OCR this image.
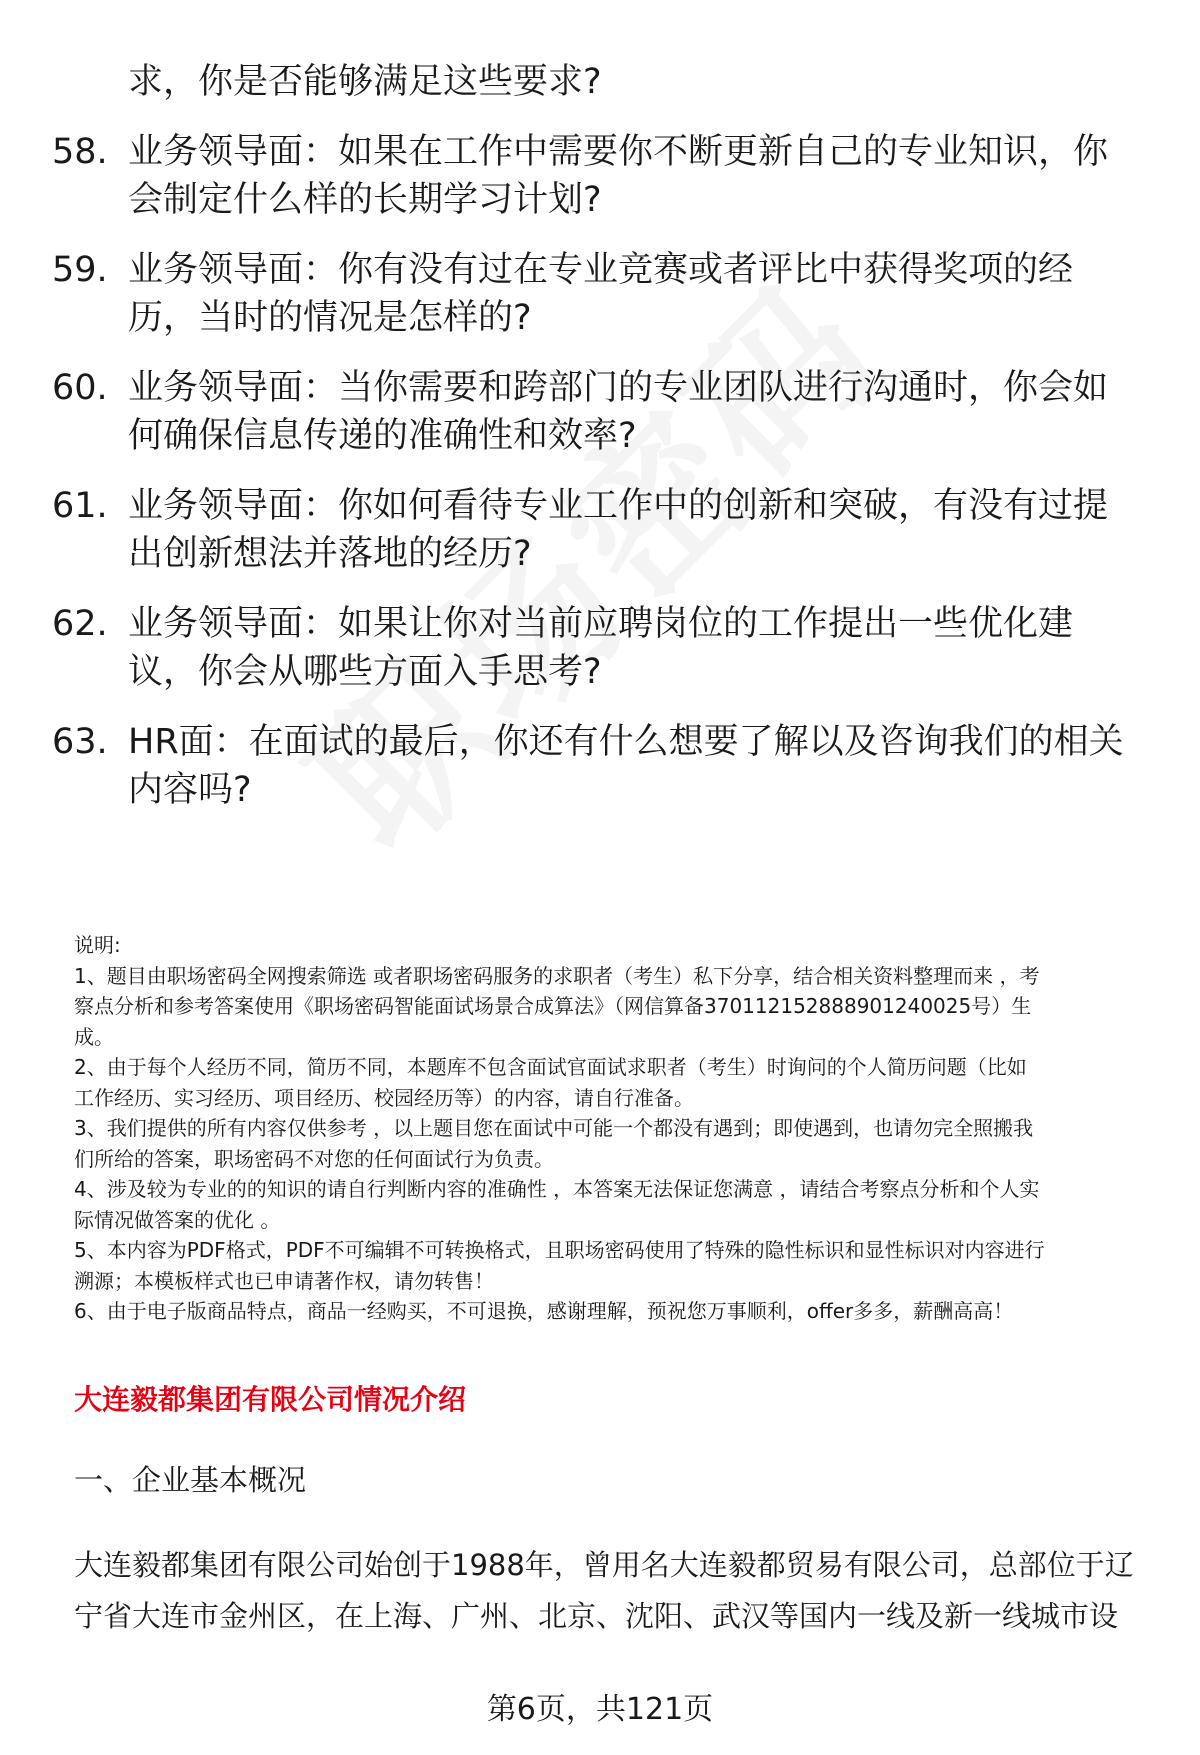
求，你是否能够满足这些要求?
58. 业务领导面：如果在工作中需要你不断更新自己的专业知识，你
会制定什么样的长期学习计划?
59. 业务领导面：你有没有过在专业竞赛或者评比中获得奖项的经
历，当时的情况是怎样的?
60. 业务领导面：当你需要和跨部门的专业团队进行沟通时，你会如
何确保信息传递的准确性和效率?
61. 业务领导面：你如何看待专业工作中的创新和突破，有没有过提
出创新想法并落地的经历?
62. 业务领导面：如果让你对当前应聘岗位的工作提出一些优化建
议，你会从哪些方面入手思考?
63. HR面：在面试的最后，你还有什么想要了解以及咨询我们的相关
内容吗?
说明:
1、题目由职场密码全网搜索筛选 或者职场密码服务的求职者（考生）私下分享，结合相关资料整理而来 ，考
察点分析和参考答案使用《职场密码智能面试场景合成算法》（网信算备370112152888901240025号）生
成。
2、由于每个人经历不同，简历不同，本题库不包含面试官面试求职者（考生）时询问的个人简历问题（比如
工作经历、实习经历、项目经历、校园经历等）的内容，请自行准备。
3、我们提供的所有内容仅供参考 ，以上题目您在面试中可能一个都没有遇到；即使遇到，也请勿完全照搬我
们所给的答案，职场密码不对您的任何面试行为负责。
4、涉及较为专业的的知识的请自行判断内容的准确性 ，本答案无法保证您满意 ，请结合考察点分析和个人实
际情况做答案的优化 。
5、本内容为PDF格式，PDF不可编辑不可转换格式，且职场密码使用了特殊的隐性标识和显性标识对内容进行
溯源；本模板样式也已申请著作权，请勿转售！
6、由于电子版商品特点，商品一经购买，不可退换，感谢理解，预祝您万事顺利，offer多多，薪酬高高！
大连毅都集团有限公司情况介绍
一、企业基本概况
大连毅都集团有限公司始创于1988年，曾用名大连毅都贸易有限公司，总部位于辽
宁省大连市金州区，在上海、广州、北京、沈阳、武汉等国内一线及新一线城市设
第6页，共121页
